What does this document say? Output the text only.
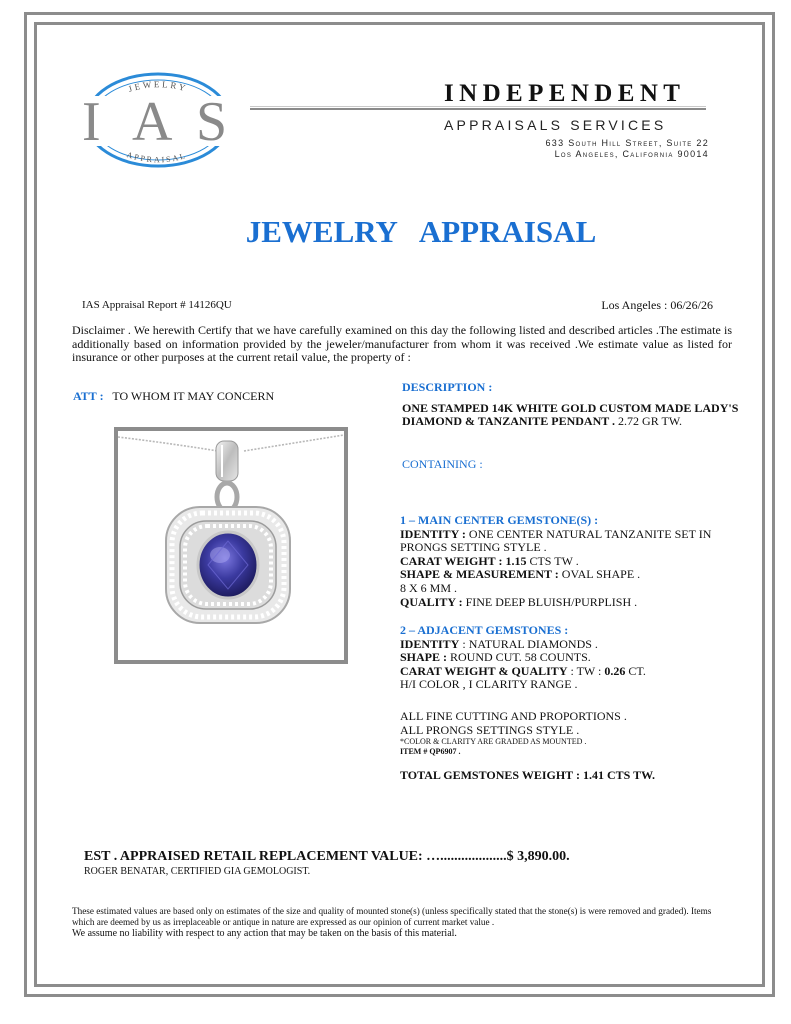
I A S
JEWELRY
APPRAISAL
INDEPENDENT
APPRAISALS SERVICES
633 South Hill Street, Suite 22
Los Angeles, California 90014
JEWELRY APPRAISAL
IAS Appraisal Report # 14126QU	Los Angeles : 06/26/26
Disclaimer . We herewith Certify that we have carefully examined on this day the following listed and described articles .The estimate is additionally based on information provided by the jeweler/manufacturer from whom it was received .We estimate value as listed for insurance or other purposes at the current retail value, the property of :
ATT : TO WHOM IT MAY CONCERN
DESCRIPTION :
ONE STAMPED 14K WHITE GOLD CUSTOM MADE LADY'S DIAMOND & TANZANITE PENDANT . 2.72 GR TW.
CONTAINING :
1 – MAIN CENTER GEMSTONE(S) :
IDENTITY : ONE CENTER NATURAL TANZANITE SET IN PRONGS SETTING STYLE .
CARAT WEIGHT : 1.15 CTS TW .
SHAPE & MEASUREMENT : OVAL SHAPE .
8 X 6 MM .
QUALITY : FINE DEEP BLUISH/PURPLISH .
2 – ADJACENT GEMSTONES :
IDENTITY : NATURAL DIAMONDS .
SHAPE : ROUND CUT. 58 COUNTS.
CARAT WEIGHT & QUALITY : TW : 0.26 CT.
H/I COLOR , I CLARITY RANGE .
ALL FINE CUTTING AND PROPORTIONS .
ALL PRONGS SETTINGS STYLE .
*COLOR & CLARITY ARE GRADED AS MOUNTED .
ITEM # QP6907 .
TOTAL GEMSTONES WEIGHT : 1.41 CTS TW.
EST . APPRAISED RETAIL REPLACEMENT VALUE: …...................$ 3,890.00.
ROGER BENATAR, CERTIFIED GIA GEMOLOGIST.
These estimated values are based only on estimates of the size and quality of mounted stone(s) (unless specifically stated that the stone(s) is were removed and graded). Items which are deemed by us as irreplaceable or antique in nature are expressed as our opinion of current market value .
We assume no liability with respect to any action that may be taken on the basis of this material.
